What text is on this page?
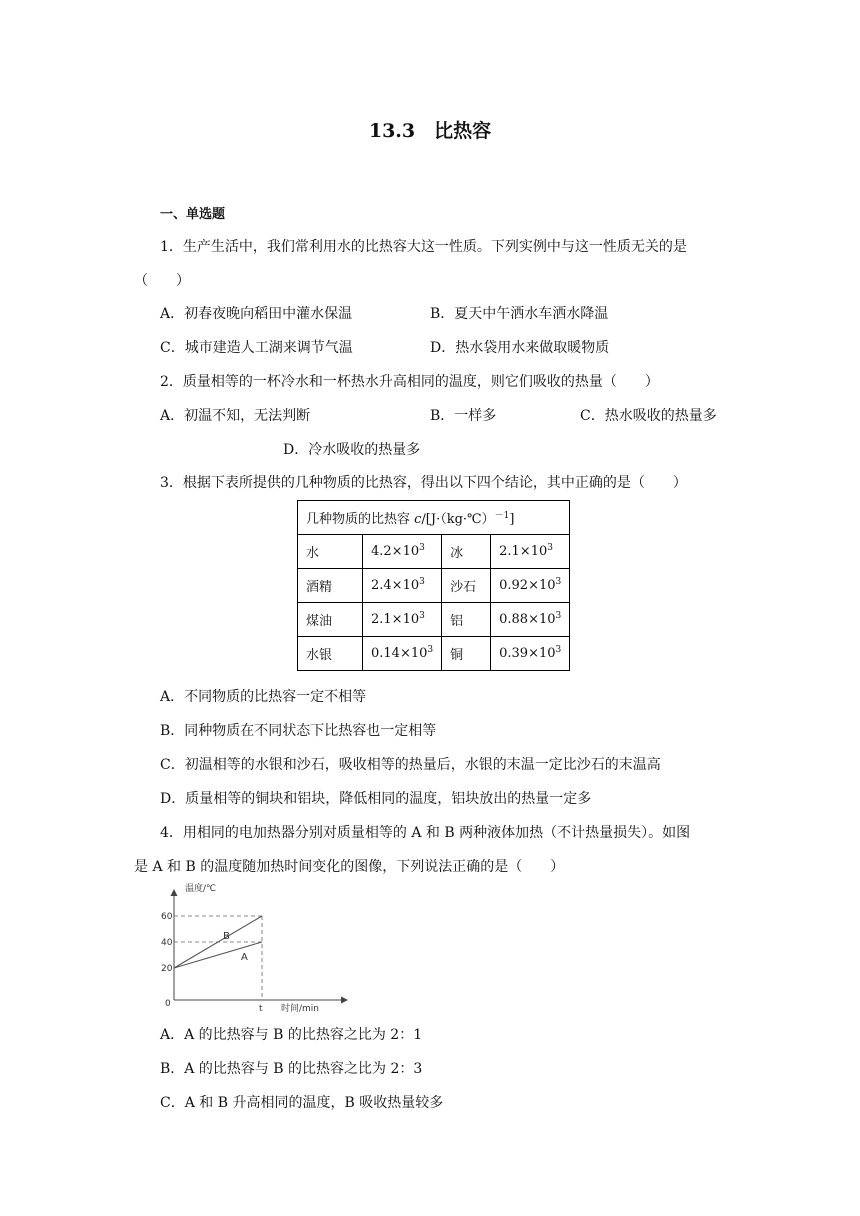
13.3　比热容
一、单选题
1．生产生活中，我们常利用水的比热容大这一性质。下列实例中与这一性质无关的是
（　　）
A．初春夜晚向稻田中灌水保温	B．夏天中午洒水车洒水降温
C．城市建造人工湖来调节气温	D．热水袋用水来做取暖物质
2．质量相等的一杯冷水和一杯热水升高相同的温度，则它们吸收的热量（　　）
A．初温不知，无法判断	B．一样多	C．热水吸收的热量多
D．冷水吸收的热量多
3．根据下表所提供的几种物质的比热容，得出以下四个结论，其中正确的是（　　）
几种物质的比热容 c/[J·（kg·℃）$^{-1}$]			
水	$4.2\times 10^3$	冰	$2.1\times 10^3$
酒精	$2.4\times 10^3$	沙石	$0.92\times 10^3$
煤油	$2.1\times 10^3$	铝	$0.88\times 10^3$
水银	$0.14\times 10^3$	铜	$0.39\times 10^3$
A．不同物质的比热容一定不相等
B．同种物质在不同状态下比热容也一定相等
C．初温相等的水银和沙石，吸收相等的热量后，水银的末温一定比沙石的末温高
D．质量相等的铜块和铝块，降低相同的温度，铝块放出的热量一定多
4．用相同的电加热器分别对质量相等的 A 和 B 两种液体加热（不计热量损失）。如图
是 A 和 B 的温度随加热时间变化的图像，下列说法正确的是（　　）
温度/℃
60
40
20
0	t 时间/min
B
A
A．A 的比热容与 B 的比热容之比为 2：1
B．A 的比热容与 B 的比热容之比为 2：3
C．A 和 B 升高相同的温度，B 吸收热量较多
